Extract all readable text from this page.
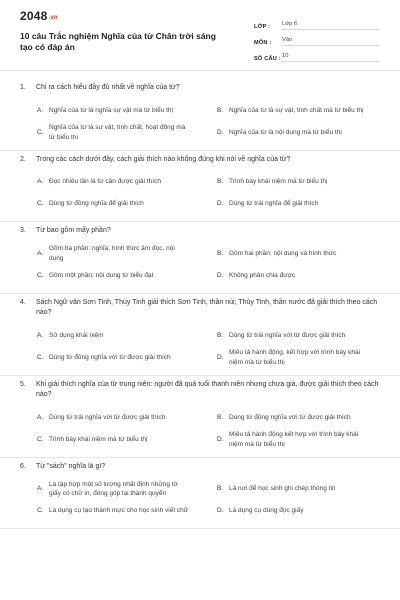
2048.vn
10 câu Trắc nghiệm Nghĩa của từ Chân trời sáng tạo có đáp án
LỚP :	Lớp 6
MÔN :	Văn
SỐ CÂU : 10
1.	Chỉ ra cách hiểu đầy đủ nhất về nghĩa của từ?
A. Nghĩa của từ là nghĩa sự vật mà từ biểu thị	B. Nghĩa của từ là sự vật, tính chất mà từ biểu thị
C.
Nghĩa của từ là sự vật, tính chất, hoạt động mà từ biểu thị
D. Nghĩa của từ là nội dung mà từ biểu thị
2.	Trong các cách dưới đây, cách giải thích nào không đúng khi nói về nghĩa của từ?
A. Đọc nhiều lần là từ cần được giải thích	B. Trình bày khái niệm mà từ biểu thị
C. Dùng từ đồng nghĩa để giải thích	D. Dùng từ trái nghĩa để giải thích
3.	Từ bao gồm mấy phần?
A.
Gồm ba phần: nghĩa, hình thức âm đọc, nội dung
B. Gồm hai phần: nội dung và hình thức
C. Gồm một phần: nội dung từ biểu đạt	D. Không phân chia được
4.	Sách Ngữ văn Sơn Tinh, Thủy Tinh giải thích Sơn Tinh, thần núi; Thủy Tinh, thần nước đã giải thích theo cách nào?
A. Sử dụng khái niệm	B. Dùng từ trái nghĩa với từ được giải thích
C. Dùng từ đồng nghĩa với từ được giải thích	D.
Miêu tả hành động, kết hợp với trình bày khái niệm mà từ biểu thị
5.	Khi giải thích nghĩa của từ trung niên: người đã quá tuổi thanh niên nhưng chưa già, được giải thích theo cách nào?
A. Dùng từ trái nghĩa với từ được giải thích	B. Dùng từ đồng nghĩa với từ được giải thích
C. Trình bày khái niệm mà từ biểu thị	D.
Miêu tả hành động kết hợp với trình bày khái niệm mà từ biểu thị
6.	Từ "sách" nghĩa là gì?
A.
Là tập hợp một số lượng nhất định những tờ giấy có chữ in, đóng góp lại thành quyển
B. Là nơi để học sinh ghi chép thông tin
C. Là dụng cụ tạo thành mực cho học sinh viết chữ	D. Là dụng cụ dùng đọc giấy
